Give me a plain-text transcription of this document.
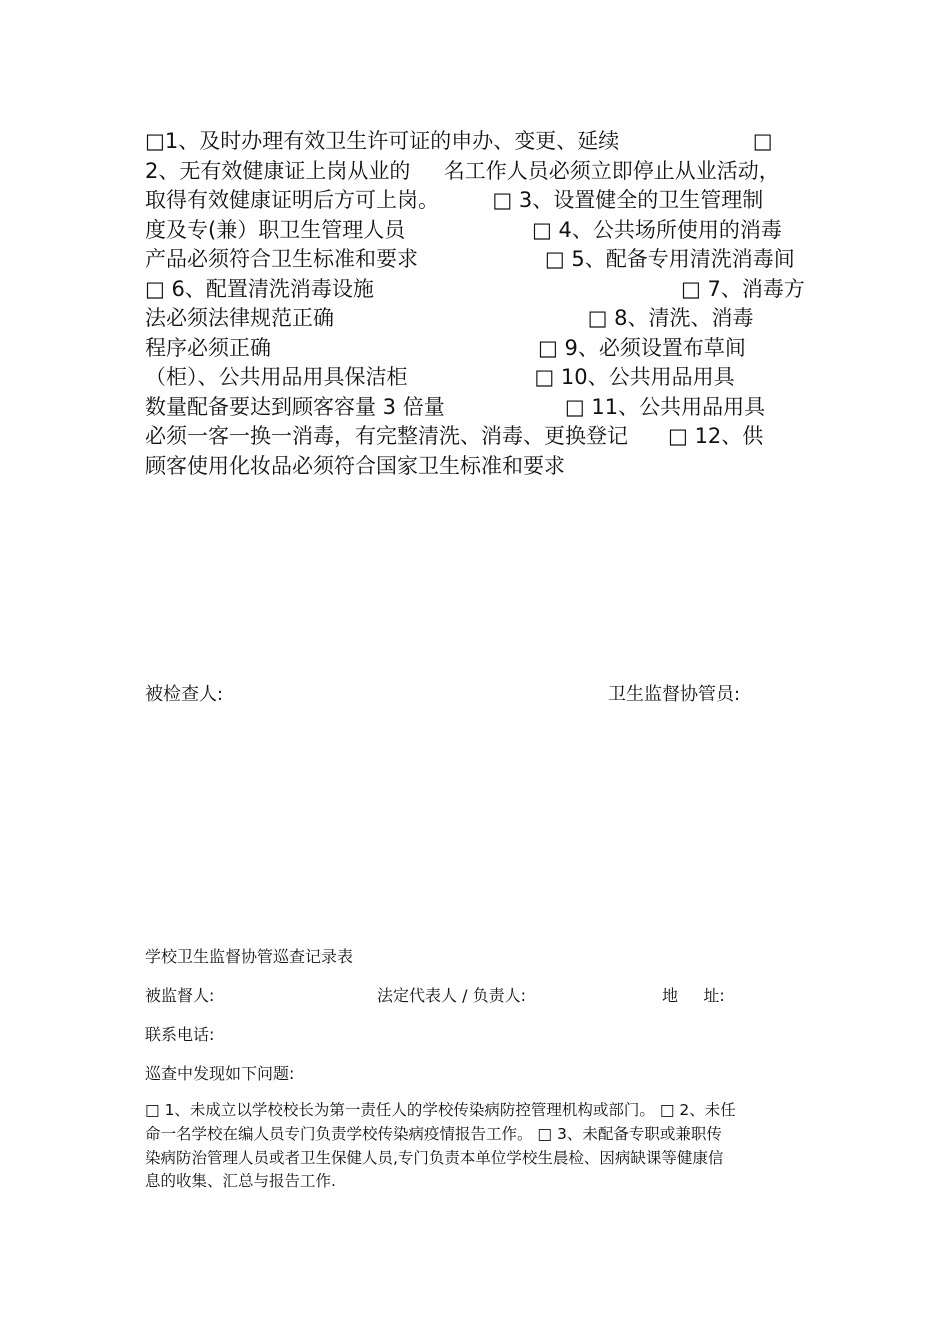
□1、及时办理有效卫生许可证的申办、变更、延续                    □
2、无有效健康证上岗从业的     名工作人员必须立即停止从业活动，
取得有效健康证明后方可上岗。        □ 3、设置健全的卫生管理制
度及专(兼）职卫生管理人员                   □ 4、公共场所使用的消毒
产品必须符合卫生标准和要求                   □ 5、配备专用清洗消毒间
□ 6、配置清洗消毒设施                                              □ 7、消毒方
法必须法律规范正确                                      □ 8、清洗、消毒
程序必须正确                                        □ 9、必须设置布草间
（柜）、公共用品用具保洁柜                   □ 10、公共用品用具
数量配备要达到顾客容量 3 倍量                  □ 11、公共用品用具
必须一客一换一消毒，有完整清洗、消毒、更换登记      □ 12、供
顾客使用化妆品必须符合国家卫生标准和要求
被检查人:	卫生监督协管员:
学校卫生监督协管巡查记录表
被监督人:	法定代表人 / 负责人:	地     址:
联系电话:
巡查中发现如下问题:
□ 1、未成立以学校校长为第一责任人的学校传染病防控管理机构或部门。 □ 2、未任
命一名学校在编人员专门负责学校传染病疫情报告工作。 □ 3、未配备专职或兼职传
染病防治管理人员或者卫生保健人员,专门负责本单位学校生晨检、因病缺课等健康信
息的收集、汇总与报告工作.
